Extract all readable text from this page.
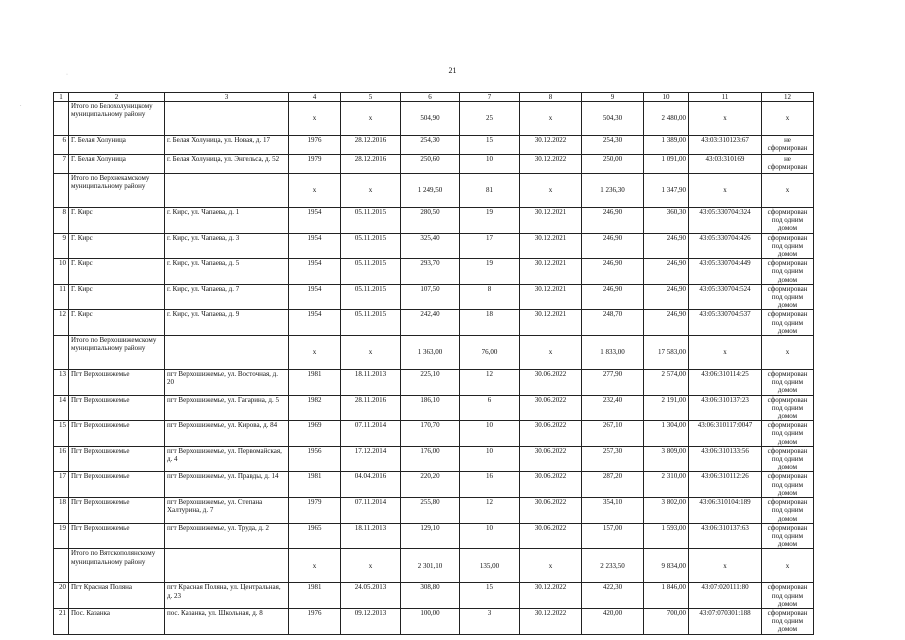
21
1	2	3	4	5	6	7	8	9	10	11	12
	Итого по Белохолуницкому муниципальному району		х	х	504,90	25	х	504,30	2 480,00	х	х
6	Г. Белая Холуница	г. Белая Холуница, ул. Новая, д. 17	1976	28.12.2016	254,30	15	30.12.2022	254,30	1 389,00	43:03:310123:67	не сформирован
7	Г. Белая Холуница	г. Белая Холуница, ул. Энгельса, д. 52	1979	28.12.2016	250,60	10	30.12.2022	250,00	1 091,00	43:03:310169	не сформирован
	Итого по Верхнекамскому муниципальному району		х	х	1 249,50	81	х	1 236,30	1 347,90	х	х
8	Г. Кирс	г. Кирс, ул. Чапаева, д. 1	1954	05.11.2015	280,50	19	30.12.2021	246,90	360,30	43:05:330704:324	сформирован под одним домом
9	Г. Кирс	г. Кирс, ул. Чапаева, д. 3	1954	05.11.2015	325,40	17	30.12.2021	246,90	246,90	43:05:330704:426	сформирован под одним домом
10	Г. Кирс	г. Кирс, ул. Чапаева, д. 5	1954	05.11.2015	293,70	19	30.12.2021	246,90	246,90	43:05:330704:449	сформирован под одним домом
11	Г. Кирс	г. Кирс, ул. Чапаева, д. 7	1954	05.11.2015	107,50	8	30.12.2021	246,90	246,90	43:05:330704:524	сформирован под одним домом
12	Г. Кирс	г. Кирс, ул. Чапаева, д. 9	1954	05.11.2015	242,40	18	30.12.2021	248,70	246,90	43:05:330704:537	сформирован под одним домом
	Итого по Верхошижемскому муниципальному району		х	х	1 363,00	76,00	х	1 833,00	17 583,00	х	х
13	Пгт Верхошижемье	пгт Верхошижемье, ул. Восточная, д. 20	1981	18.11.2013	225,10	12	30.06.2022	277,90	2 574,00	43:06:310114:25	сформирован под одним домом
14	Пгт Верхошижемье	пгт Верхошижемье, ул. Гагарина, д. 5	1982	28.11.2016	186,10	6	30.06.2022	232,40	2 191,00	43:06:310137:23	сформирован под одним домом
15	Пгт Верхошижемье	пгт Верхошижемье, ул. Кирова, д. 84	1969	07.11.2014	170,70	10	30.06.2022	267,10	1 304,00	43:06:310117:0047	сформирован под одним домом
16	Пгт Верхошижемье	пгт Верхошижемье, ул. Первомайская, д. 4	1956	17.12.2014	176,00	10	30.06.2022	257,30	3 809,00	43:06:310133:56	сформирован под одним домом
17	Пгт Верхошижемье	пгт Верхошижемье, ул. Правды, д. 14	1981	04.04.2016	220,20	16	30.06.2022	287,20	2 310,00	43:06:310112:26	сформирован под одним домом
18	Пгт Верхошижемье	пгт Верхошижемье, ул. Степана Халтурина, д. 7	1979	07.11.2014	255,80	12	30.06.2022	354,10	3 802,00	43:06:310104:189	сформирован под одним домом
19	Пгт Верхошижемье	пгт Верхошижемье, ул. Труда, д. 2	1965	18.11.2013	129,10	10	30.06.2022	157,00	1 593,00	43:06:310137:63	сформирован под одним домом
	Итого по Вятскополянскому муниципальному району		х	х	2 301,10	135,00	х	2 233,50	9 834,00	х	х
20	Пгт Красная Поляна	пгт Красная Поляна, ул. Центральная, д. 23	1981	24.05.2013	308,80	15	30.12.2022	422,30	1 846,00	43:07:020111:80	сформирован под одним домом
21	Пос. Казанка	пос. Казанка, ул. Школьная, д. 8	1976	09.12.2013	100,00	3	30.12.2022	420,00	700,00	43:07:070301:188	сформирован под одним домом
.
·
